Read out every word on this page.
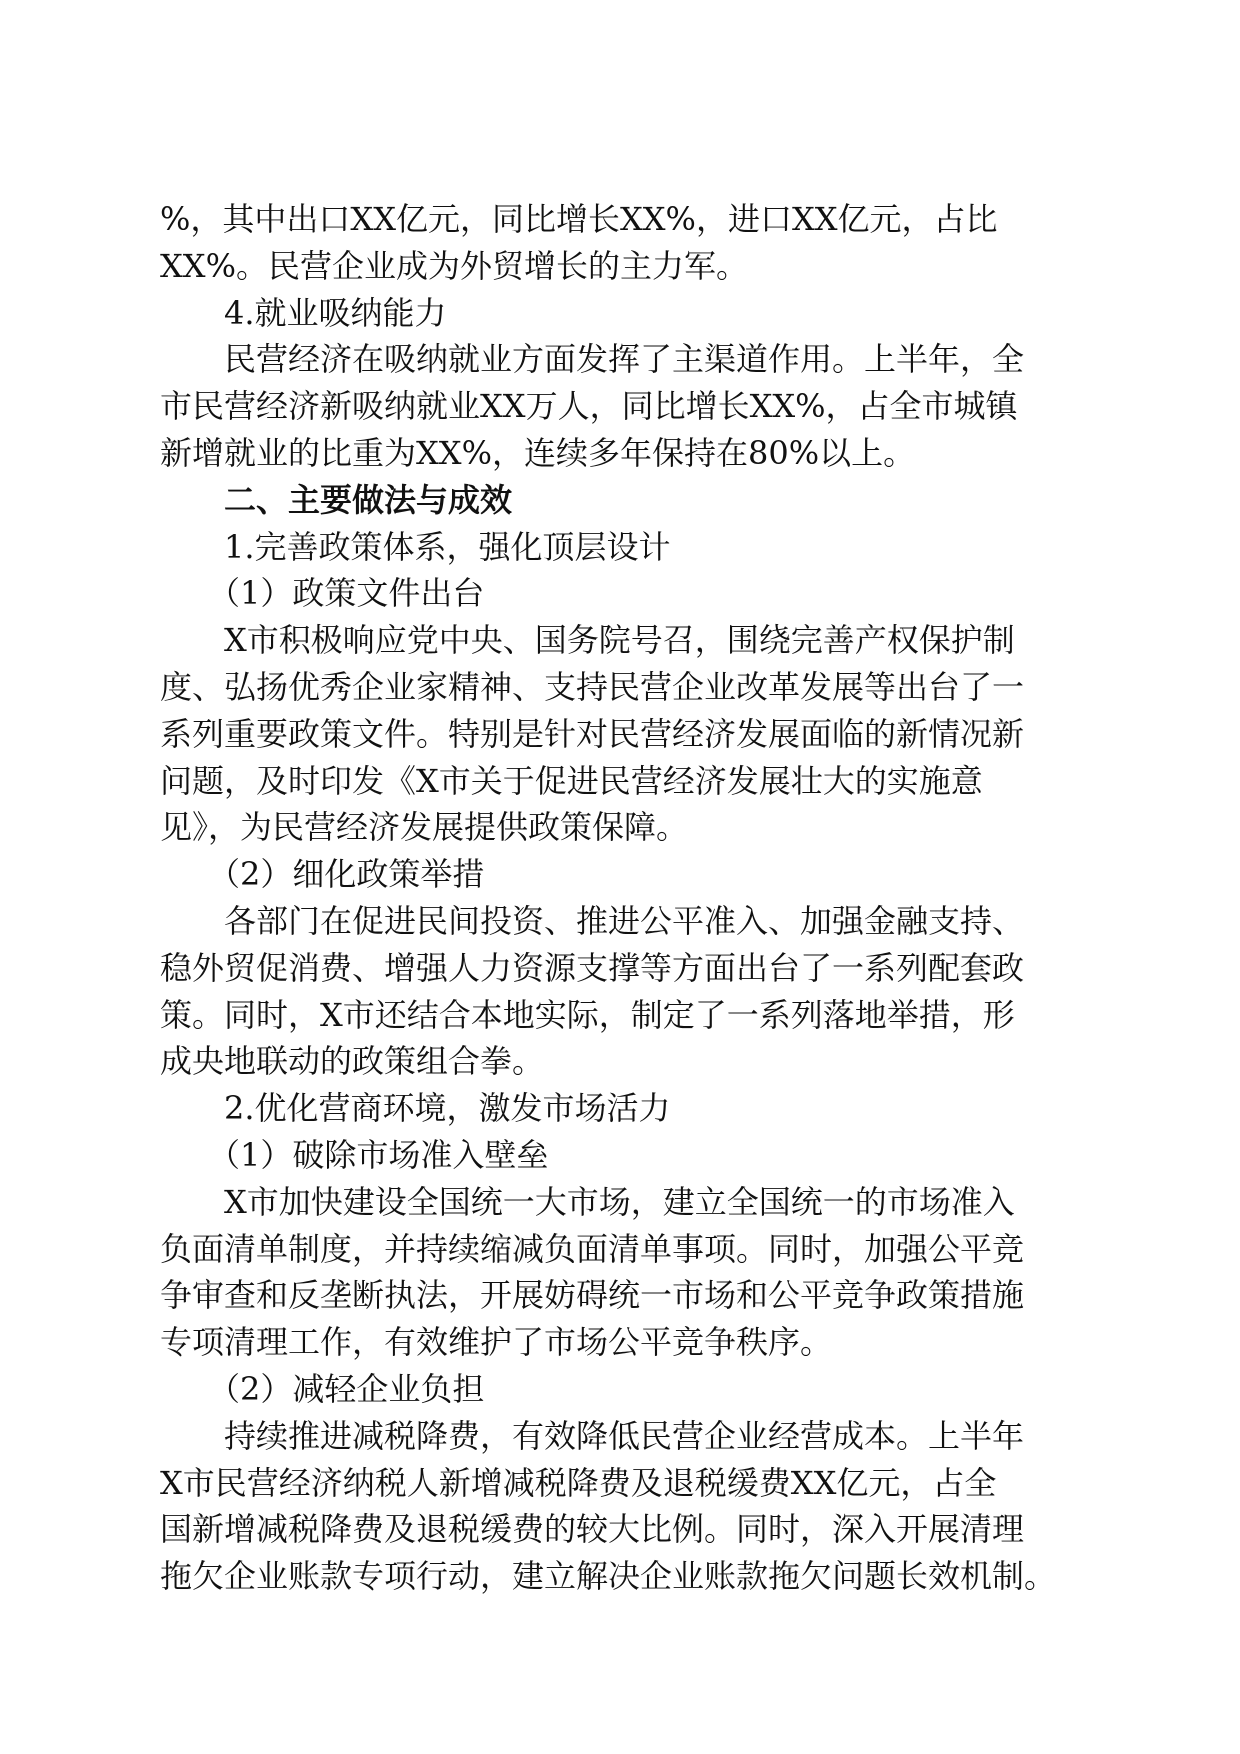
%，其中出口XX亿元，同比增长XX%，进口XX亿元，占比
XX%。民营企业成为外贸增长的主力军。

4.就业吸纳能力

民营经济在吸纳就业方面发挥了主渠道作用。上半年，全
市民营经济新吸纳就业XX万人，同比增长XX%，占全市城镇
新增就业的比重为XX%，连续多年保持在80%以上。

二、主要做法与成效

1.完善政策体系，强化顶层设计

（1）政策文件出台

X市积极响应党中央、国务院号召，围绕完善产权保护制
度、弘扬优秀企业家精神、支持民营企业改革发展等出台了一
系列重要政策文件。特别是针对民营经济发展面临的新情况新
问题，及时印发《X市关于促进民营经济发展壮大的实施意
见》，为民营经济发展提供政策保障。

（2）细化政策举措

各部门在促进民间投资、推进公平准入、加强金融支持、
稳外贸促消费、增强人力资源支撑等方面出台了一系列配套政
策。同时，X市还结合本地实际，制定了一系列落地举措，形
成央地联动的政策组合拳。

2.优化营商环境，激发市场活力

（1）破除市场准入壁垒

X市加快建设全国统一大市场，建立全国统一的市场准入
负面清单制度，并持续缩减负面清单事项。同时，加强公平竞
争审查和反垄断执法，开展妨碍统一市场和公平竞争政策措施
专项清理工作，有效维护了市场公平竞争秩序。

（2）减轻企业负担

持续推进减税降费，有效降低民营企业经营成本。上半年
X市民营经济纳税人新增减税降费及退税缓费XX亿元，占全
国新增减税降费及退税缓费的较大比例。同时，深入开展清理
拖欠企业账款专项行动，建立解决企业账款拖欠问题长效机制。
